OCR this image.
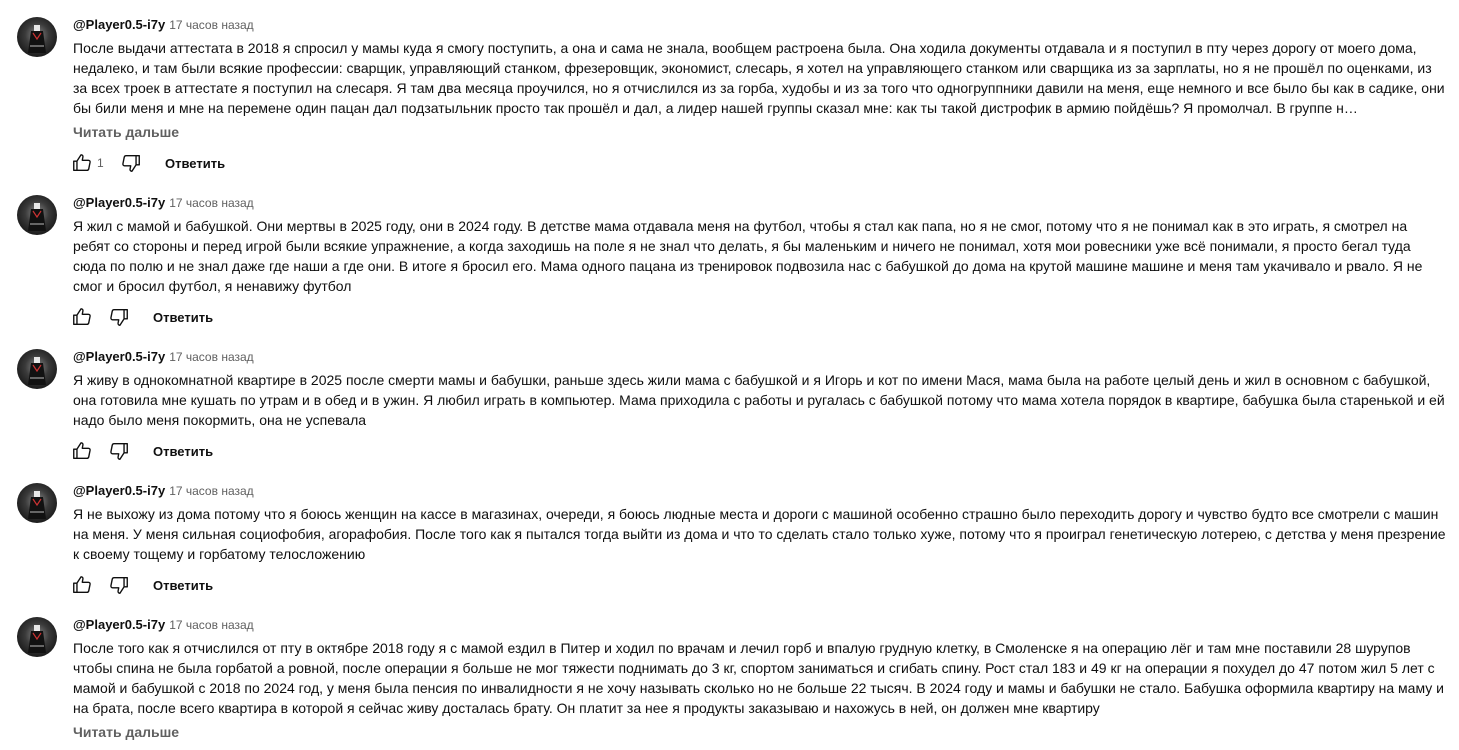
@Player0.5-i7y 17 часов назад
После выдачи аттестата в 2018 я спросил у мамы куда я смогу поступить, а она и сама не знала, вообщем растроена была. Она ходила документы отдавала и я поступил в пту через дорогу от моего дома, недалеко, и там были всякие профессии: сварщик, управляющий станком, фрезеровщик, экономист, слесарь, я хотел на управляющего станком или сварщика из за зарплаты, но я не прошёл по оценками, из за всех троек в аттестате я поступил на слесаря. Я там два месяца проучился, но я отчислился из за горба, худобы и из за того что одногруппники давили на меня, еще немного и все было бы как в садике, они бы били меня и мне на перемене один пацан дал подзатыльник просто так прошёл и дал, а лидер нашей группы сказал мне: как ты такой дистрофик в армию пойдёшь? Я промолчал. В группе н…
Читать дальше
1	Ответить
@Player0.5-i7y 17 часов назад
Я жил с мамой и бабушкой. Они мертвы в 2025 году, они в 2024 году. В детстве мама отдавала меня на футбол, чтобы я стал как папа, но я не смог, потому что я не понимал как в это играть, я смотрел на ребят со стороны и перед игрой были всякие упражнение, а когда заходишь на поле я не знал что делать, я бы маленьким и ничего не понимал, хотя мои ровесники уже всё понимали, я просто бегал туда сюда по полю и не знал даже где наши а где они. В итоге я бросил его. Мама одного пацана из тренировок подвозила нас с бабушкой до дома на крутой машине машине и меня там укачивало и рвало. Я не смог и бросил футбол, я ненавижу футбол
Ответить
@Player0.5-i7y 17 часов назад
Я живу в однокомнатной квартире в 2025 после смерти мамы и бабушки, раньше здесь жили мама с бабушкой и я Игорь и кот по имени Мася, мама была на работе целый день и жил в основном с бабушкой, она готовила мне кушать по утрам и в обед и в ужин. Я любил играть в компьютер. Мама приходила с работы и ругалась с бабушкой потому что мама хотела порядок в квартире, бабушка была старенькой и ей надо было меня покормить, она не успевала
Ответить
@Player0.5-i7y 17 часов назад
Я не выхожу из дома потому что я боюсь женщин на кассе в магазинах, очереди, я боюсь людные места и дороги с машиной особенно страшно было переходить дорогу и чувство будто все смотрели с машин на меня. У меня сильная социофобия, агорафобия. После того как я пытался тогда выйти из дома и что то сделать стало только хуже, потому что я проиграл генетическую лотерею, с детства у меня презрение к своему тощему и горбатому телосложению
Ответить
@Player0.5-i7y 17 часов назад
После того как я отчислился от пту в октябре 2018 году я с мамой ездил в Питер и ходил по врачам и лечил горб и впалую грудную клетку, в Смоленске я на операцию лёг и там мне поставили 28 шурупов чтобы спина не была горбатой а ровной, после операции я больше не мог тяжести поднимать до 3 кг, спортом заниматься и сгибать спину. Рост стал 183 и 49 кг на операции я похудел до 47 потом жил 5 лет с мамой и бабушкой с 2018 по 2024 год, у меня была пенсия по инвалидности я не хочу называть сколько но не больше 22 тысяч. В 2024 году и мамы и бабушки не стало. Бабушка оформила квартиру на маму и на брата, после всего квартира в которой я сейчас живу досталась брату. Он платит за нее я продукты заказываю и нахожусь в ней, он должен мне квартиру
Читать дальше
